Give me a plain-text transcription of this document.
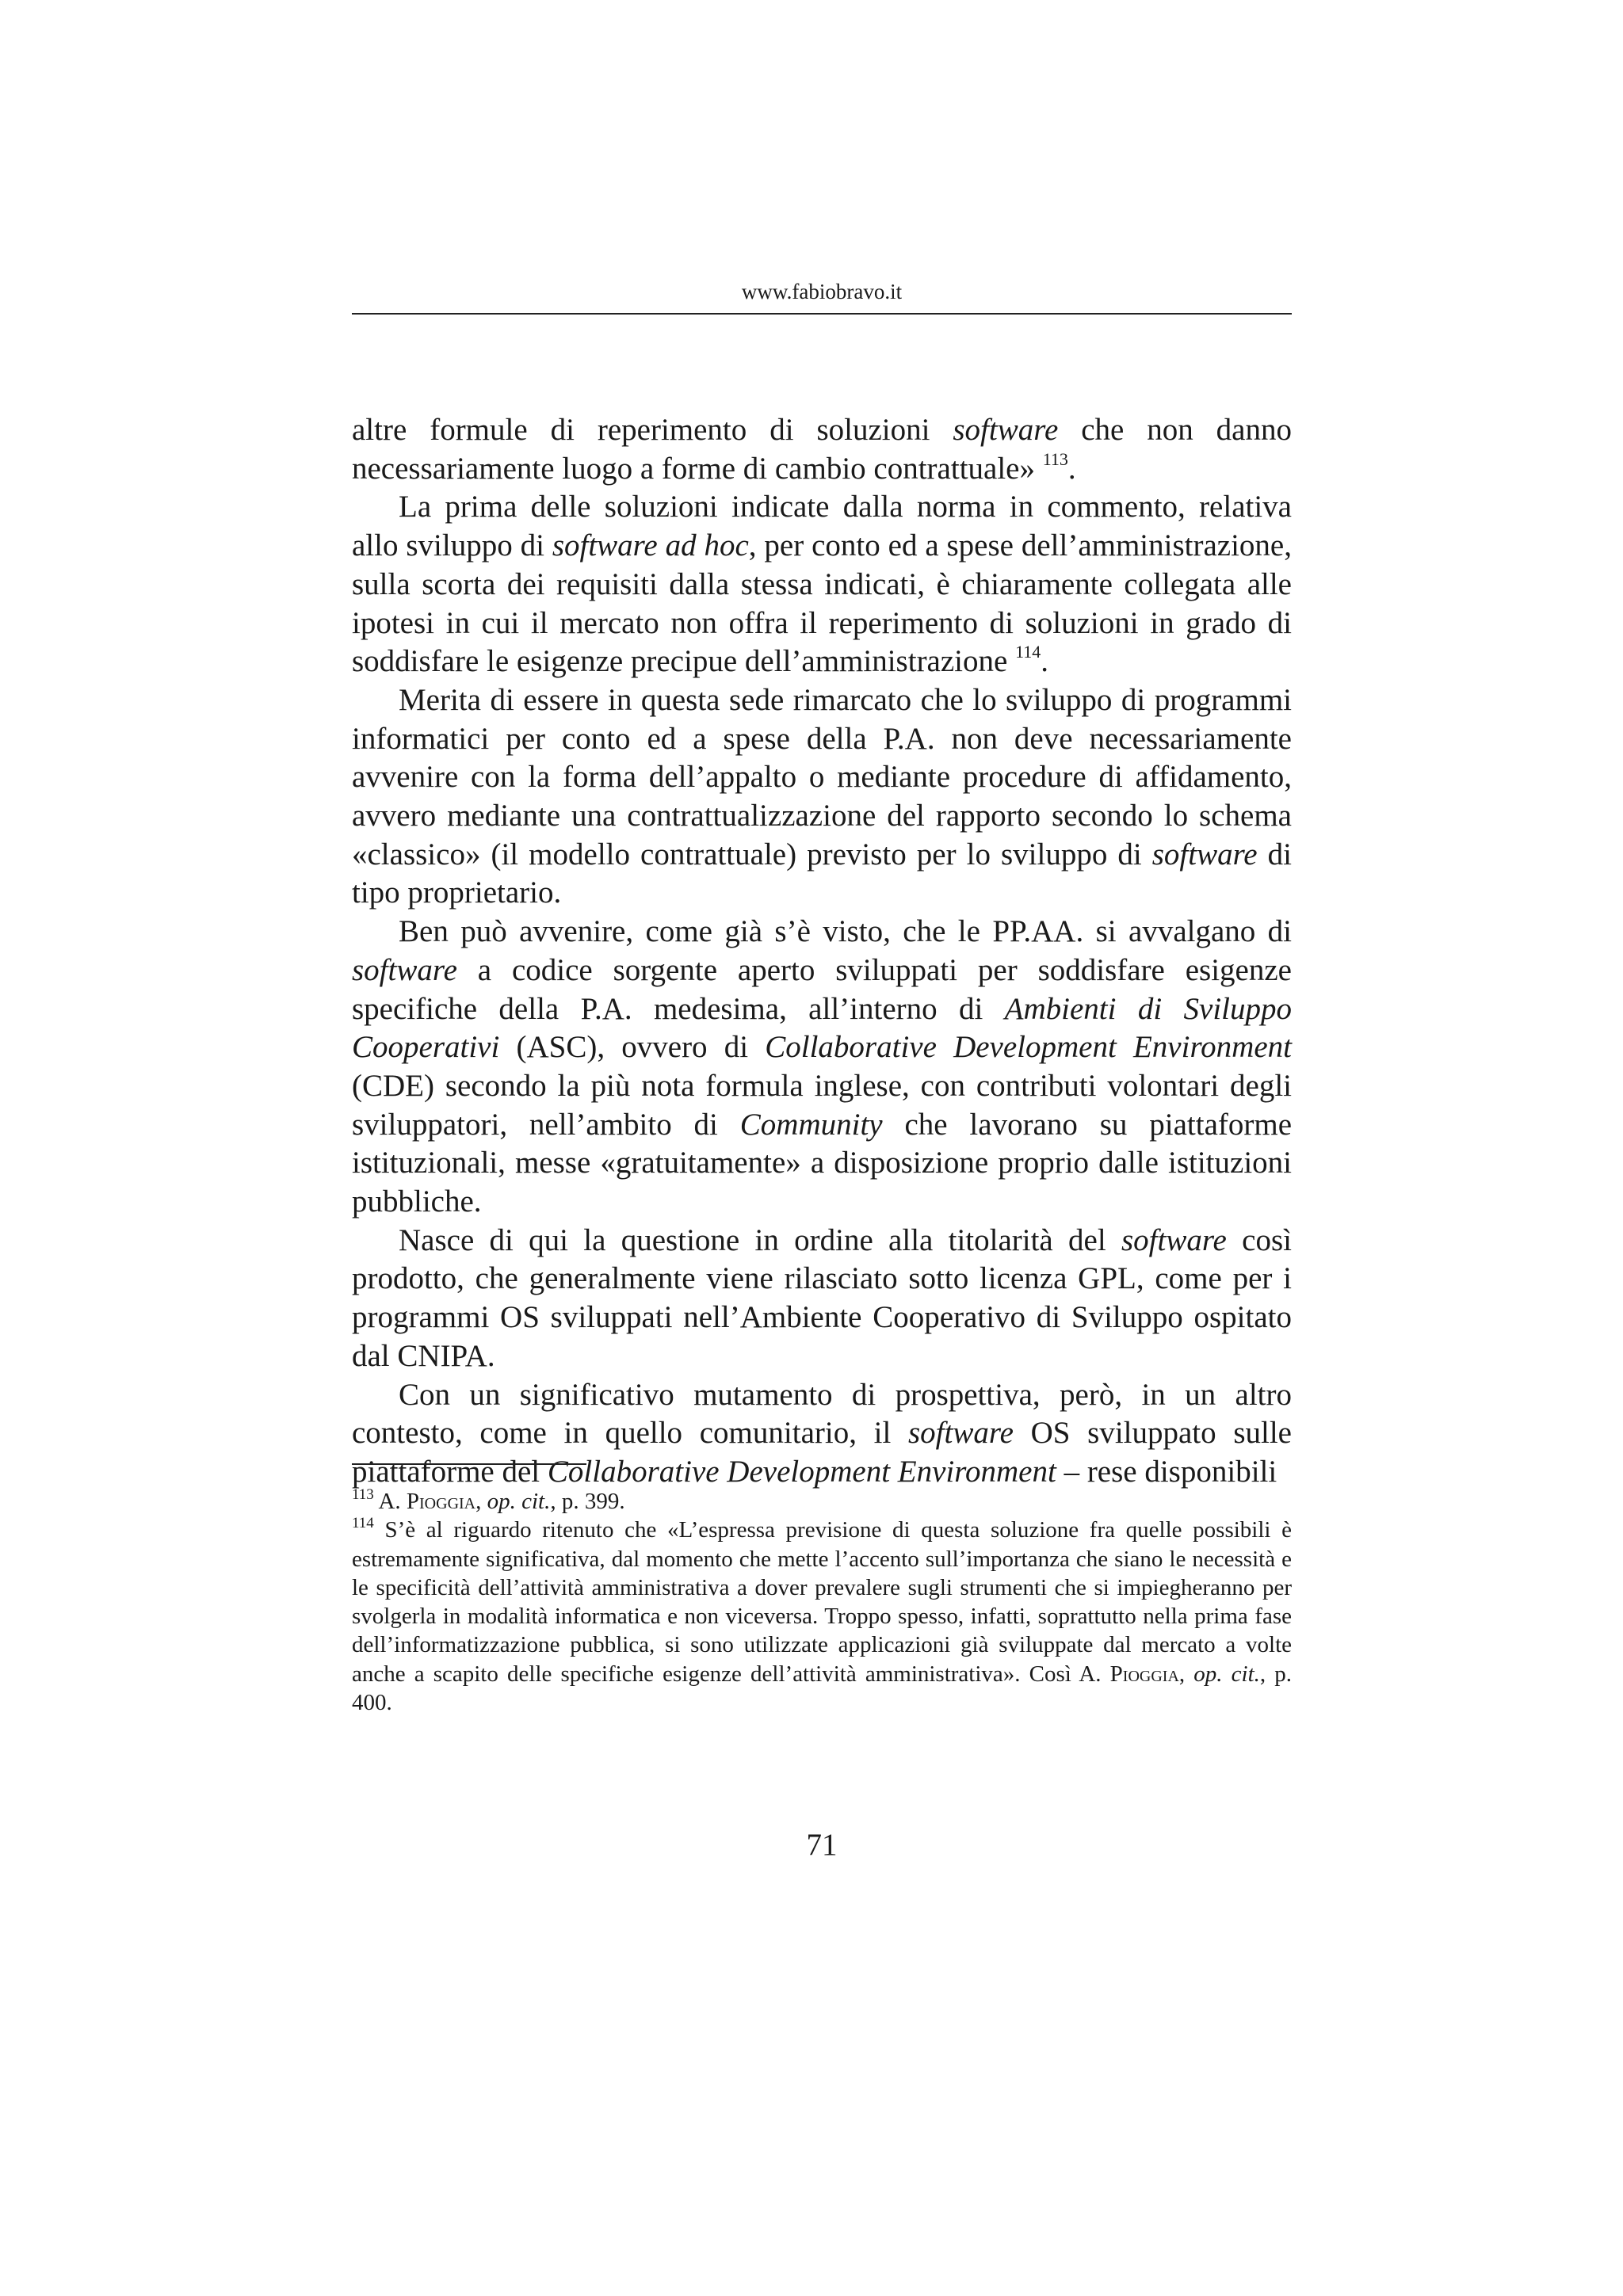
www.fabiobravo.it

altre formule di reperimento di soluzioni software che non danno necessariamente luogo a forme di cambio contrattuale» $^{113}$.

La prima delle soluzioni indicate dalla norma in commento, relativa allo sviluppo di software ad hoc, per conto ed a spese dell’amministrazione, sulla scorta dei requisiti dalla stessa indicati, è chiaramente collegata alle ipotesi in cui il mercato non offra il reperimento di soluzioni in grado di soddisfare le esigenze precipue dell’amministrazione $^{114}$.

Merita di essere in questa sede rimarcato che lo sviluppo di programmi informatici per conto ed a spese della P.A. non deve necessariamente avvenire con la forma dell’appalto o mediante procedure di affidamento, avvero mediante una contrattualizzazione del rapporto secondo lo schema «classico» (il modello contrattuale) previsto per lo sviluppo di software di tipo proprietario.

Ben può avvenire, come già s’è visto, che le PP.AA. si avvalgano di software a codice sorgente aperto sviluppati per soddisfare esigenze specifiche della P.A. medesima, all’interno di Ambienti di Sviluppo Cooperativi (ASC), ovvero di Collaborative Development Environment (CDE) secondo la più nota formula inglese, con contributi volontari degli sviluppatori, nell’ambito di Community che lavorano su piattaforme istituzionali, messe «gratuitamente» a disposizione proprio dalle istituzioni pubbliche.

Nasce di qui la questione in ordine alla titolarità del software così prodotto, che generalmente viene rilasciato sotto licenza GPL, come per i programmi OS sviluppati nell’Ambiente Cooperativo di Sviluppo ospitato dal CNIPA.

Con un significativo mutamento di prospettiva, però, in un altro contesto, come in quello comunitario, il software OS sviluppato sulle piattaforme del Collaborative Development Environment – rese disponibili

$^{113}$ A. Pioggia, op. cit., p. 399.

$^{114}$ S’è al riguardo ritenuto che «L’espressa previsione di questa soluzione fra quelle possibili è estremamente significativa, dal momento che mette l’accento sull’importanza che siano le necessità e le specificità dell’attività amministrativa a dover prevalere sugli strumenti che si impiegheranno per svolgerla in modalità informatica e non viceversa. Troppo spesso, infatti, soprattutto nella prima fase dell’informatizzazione pubblica, si sono utilizzate applicazioni già sviluppate dal mercato a volte anche a scapito delle specifiche esigenze dell’attività amministrativa». Così A. Pioggia, op. cit., p. 400.

71
